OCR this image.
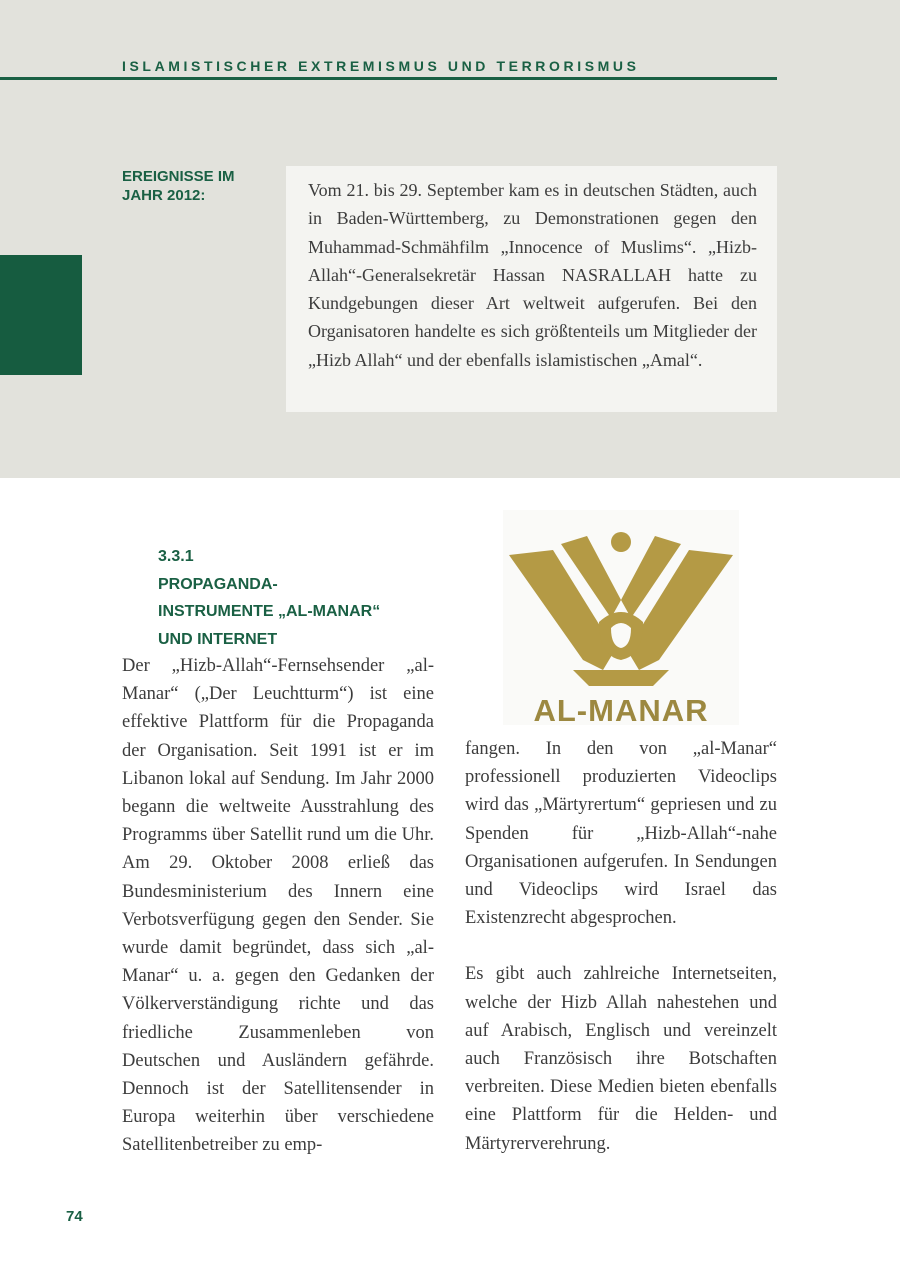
ISLAMISTISCHER EXTREMISMUS UND TERRORISMUS
EREIGNISSE IM
JAHR 2012:	Vom 21. bis 29. September kam es in deutschen Städten, auch in Baden-Württemberg, zu Demonstrationen gegen den Muhammad-Schmähfilm „Innocence of Muslims“. „Hizb-Allah“-Generalsekretär Hassan NASRALLAH hatte zu Kundgebungen dieser Art weltweit aufgerufen. Bei den Organisatoren handelte es sich größtenteils um Mitglieder der „Hizb Allah“ und der ebenfalls islamistischen „Amal“.
3.3.1
PROPAGANDA-
INSTRUMENTE „AL-MANAR“
UND INTERNET

Der „Hizb-Allah“-Fernsehsender „al-Manar“ („Der Leuchtturm“) ist eine effektive Plattform für die Propaganda der Organisation. Seit 1991 ist er im Libanon lokal auf Sendung. Im Jahr 2000 begann die weltweite Ausstrahlung des Programms über Satellit rund um die Uhr. Am 29. Oktober 2008 erließ das Bundesministerium des Innern eine Verbotsverfügung gegen den Sender. Sie wurde damit begründet, dass sich „al-Manar“ u. a. gegen den Gedanken der Völkerverständigung richte und das friedliche Zusammenleben von Deutschen und Ausländern gefährde. Dennoch ist der Satellitensender in Europa weiterhin über verschiedene Satellitenbetreiber zu emp-

AL-MANAR

fangen. In den von „al-Manar“ professionell produzierten Videoclips wird das „Märtyrertum“ gepriesen und zu Spenden für „Hizb-Allah“-nahe Organisationen aufgerufen. In Sendungen und Videoclips wird Israel das Existenzrecht abgesprochen.

Es gibt auch zahlreiche Internetseiten, welche der Hizb Allah nahestehen und auf Arabisch, Englisch und vereinzelt auch Französisch ihre Botschaften verbreiten. Diese Medien bieten ebenfalls eine Plattform für die Helden- und Märtyrerverehrung.

74
